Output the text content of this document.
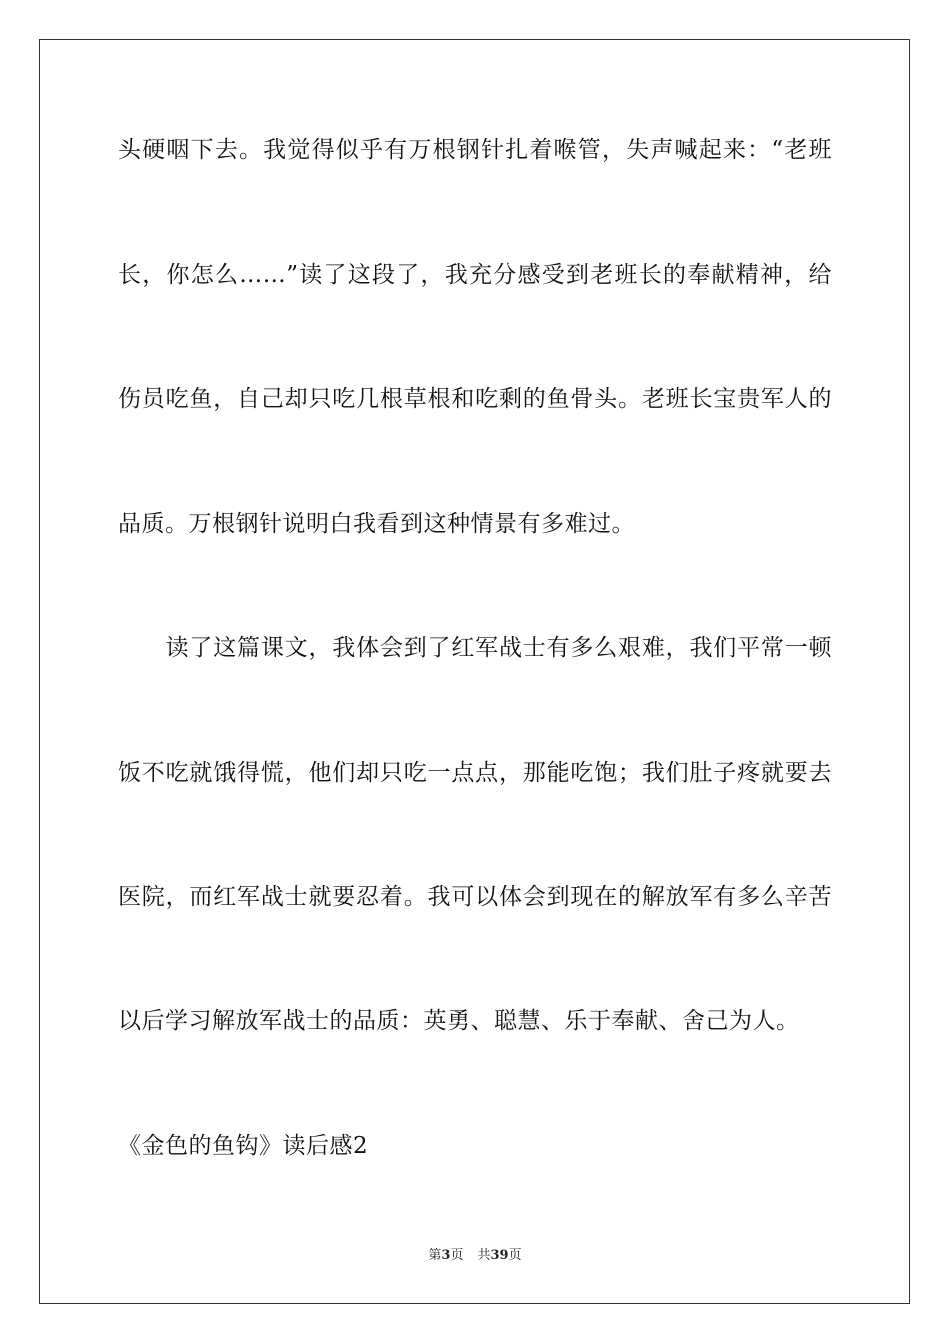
头硬咽下去。我觉得似乎有万根钢针扎着喉管，失声喊起来：“老班
长，你怎么……”读了这段了，我充分感受到老班长的奉献精神，给
伤员吃鱼，自己却只吃几根草根和吃剩的鱼骨头。老班长宝贵军人的
品质。万根钢针说明白我看到这种情景有多难过。
　　读了这篇课文，我体会到了红军战士有多么艰难，我们平常一顿
饭不吃就饿得慌，他们却只吃一点点，那能吃饱；我们肚子疼就要去
医院，而红军战士就要忍着。我可以体会到现在的解放军有多么辛苦
以后学习解放军战士的品质：英勇、聪慧、乐于奉献、舍己为人。
《金色的鱼钩》读后感2
第3页 共39页
